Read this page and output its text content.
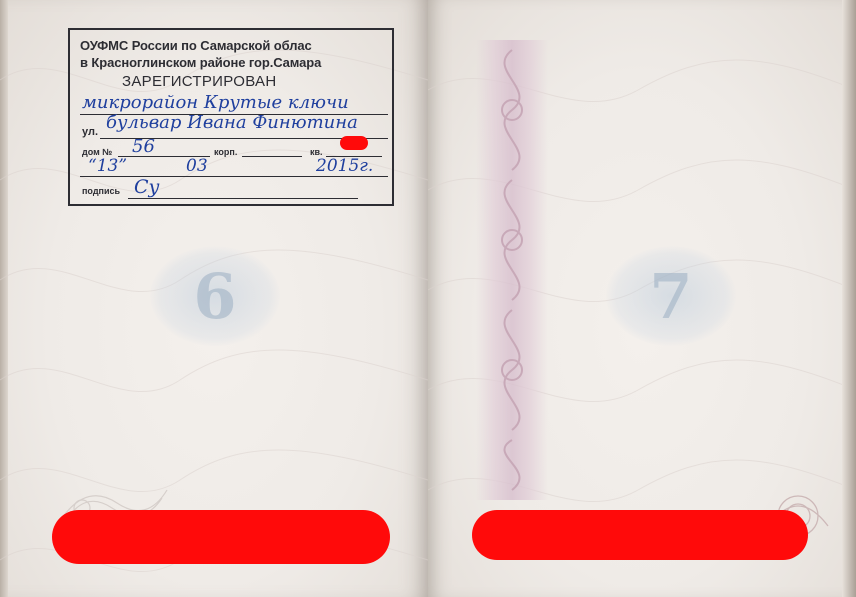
6
ОУФМС России по Самарской облас
в Красноглинском районе гор.Самара
ЗАРЕГИСТРИРОВАН
микрорайон Крутые ключи
ул. бульвар Ивана Финютина
дом № 56	корп.	кв.
“13”	03	2015г.
подпись Су
7
